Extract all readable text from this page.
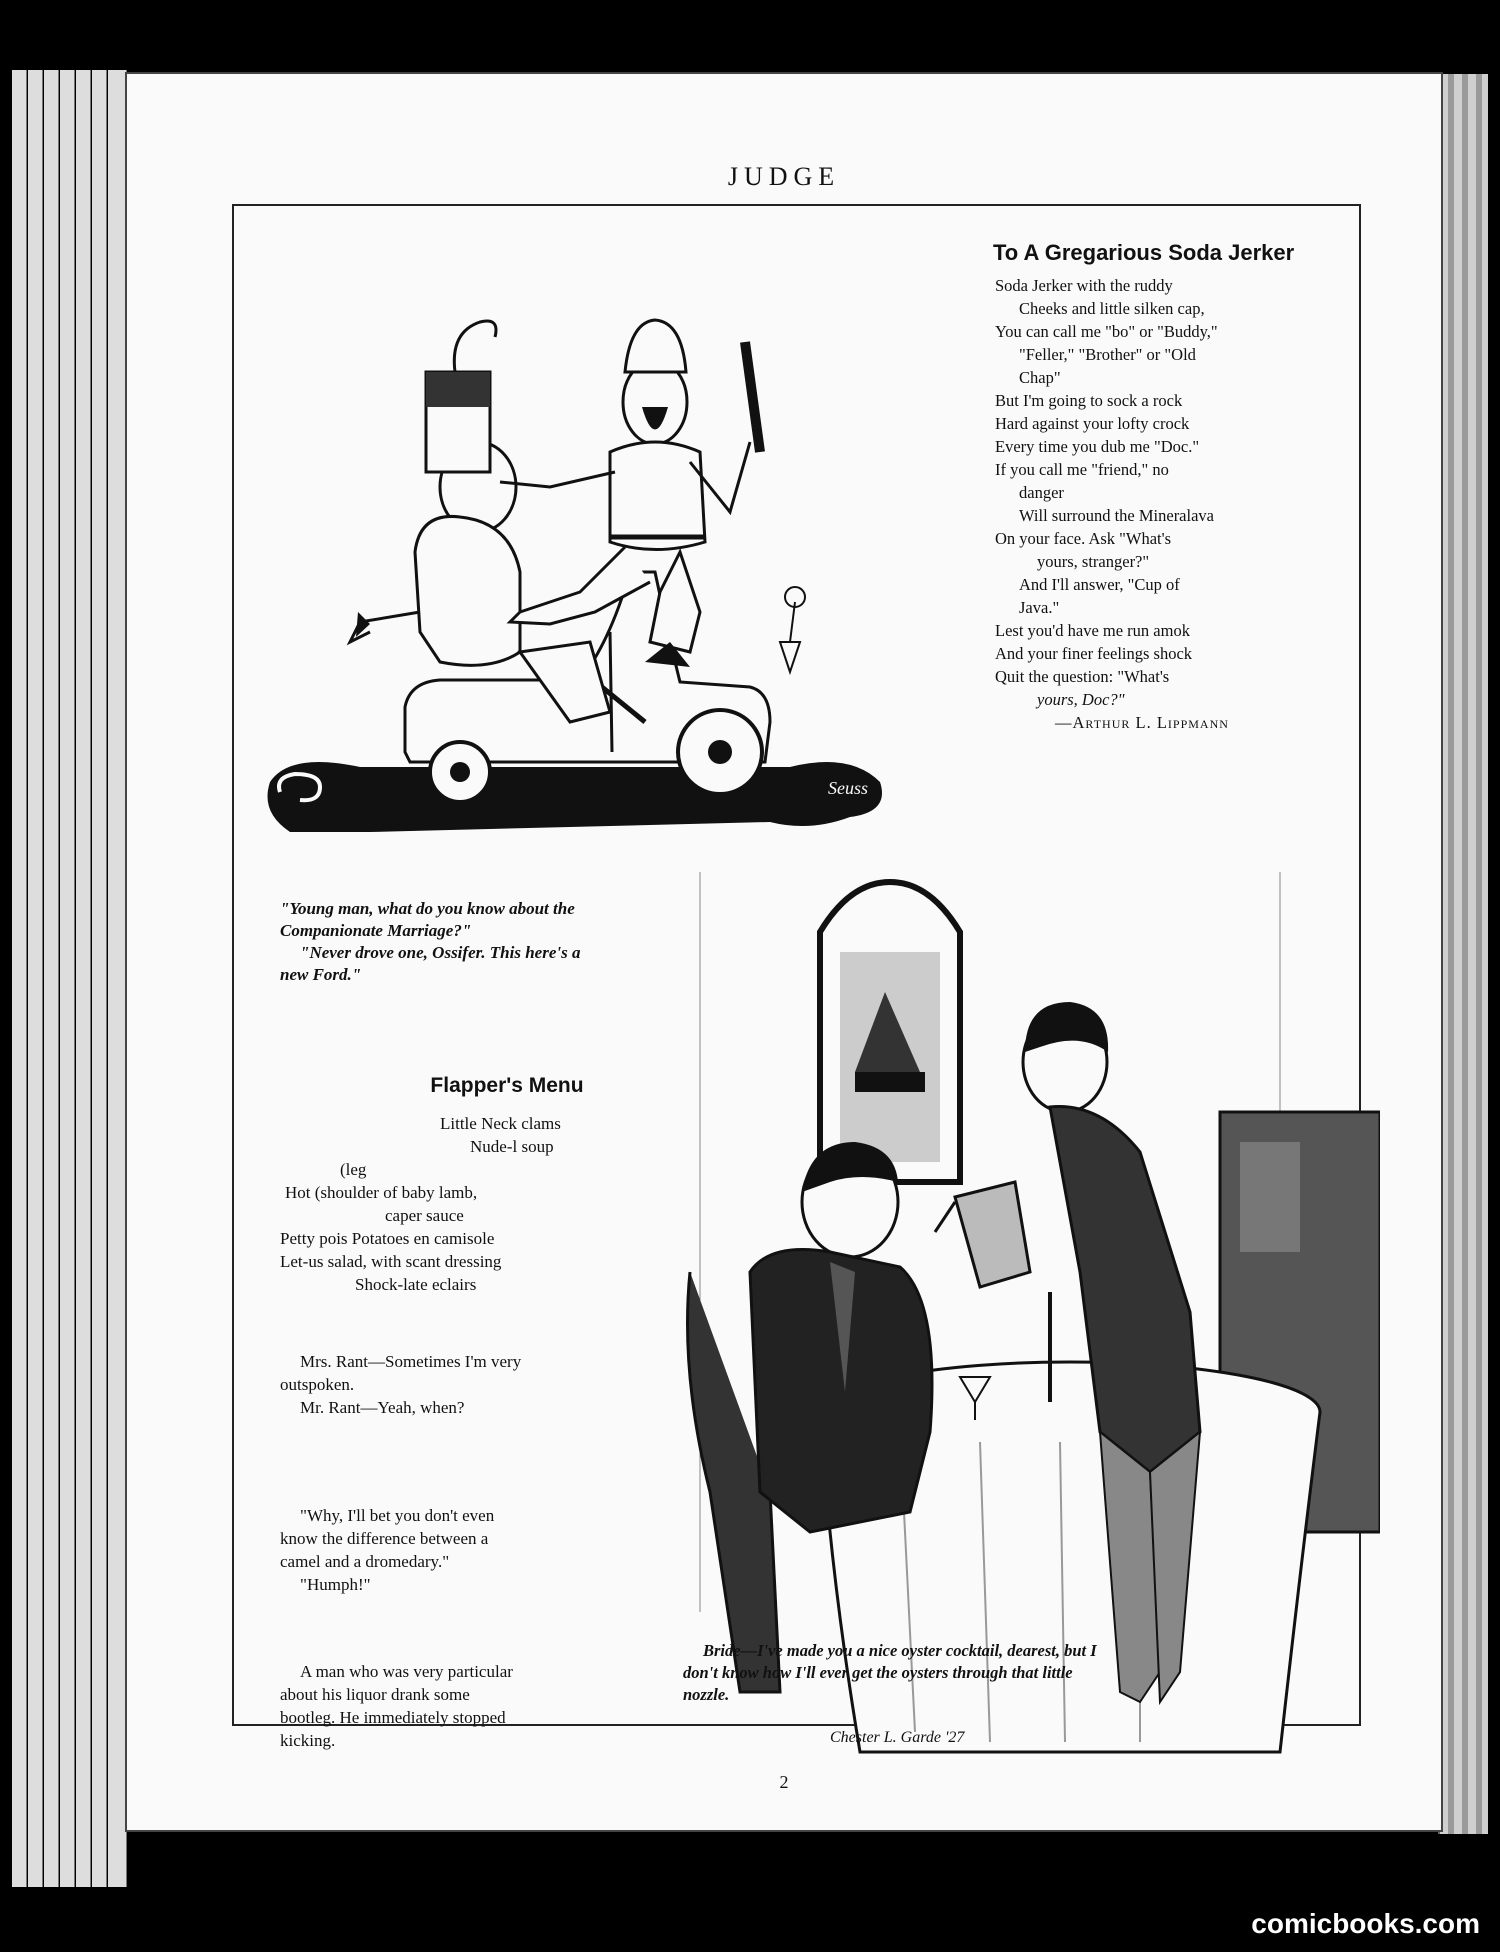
JUDGE
Seuss
To A Gregarious Soda Jerker
Soda Jerker with the ruddy
Cheeks and little silken cap,
You can call me "bo" or "Buddy,"
"Feller," "Brother" or "Old
Chap"
But I'm going to sock a rock
Hard against your lofty crock
Every time you dub me "Doc."
If you call me "friend," no
danger
Will surround the Mineralava
On your face. Ask "What's
yours, stranger?"
And I'll answer, "Cup of
Java."
Lest you'd have me run amok
And your finer feelings shock
Quit the question: "What's
yours, Doc?"
—Arthur L. Lippmann
"Young man, what do you know about the
Companionate Marriage?"
"Never drove one, Ossifer. This here's a
new Ford."
Chester L. Garde '27
Flapper's Menu
Little Neck clams
Nude-l soup
(leg
Hot (shoulder of baby lamb,
caper sauce
Petty pois Potatoes en camisole
Let-us salad, with scant dressing
Shock-late eclairs
Mrs. Rant—Sometimes I'm very
outspoken.
Mr. Rant—Yeah, when?
"Why, I'll bet you don't even
know the difference between a
camel and a dromedary."
"Humph!"
A man who was very particular
about his liquor drank some
bootleg. He immediately stopped
kicking.
Bride—I've made you a nice oyster cocktail, dearest, but I
don't know how I'll ever get the oysters through that little
nozzle.
2
comicbooks.com
